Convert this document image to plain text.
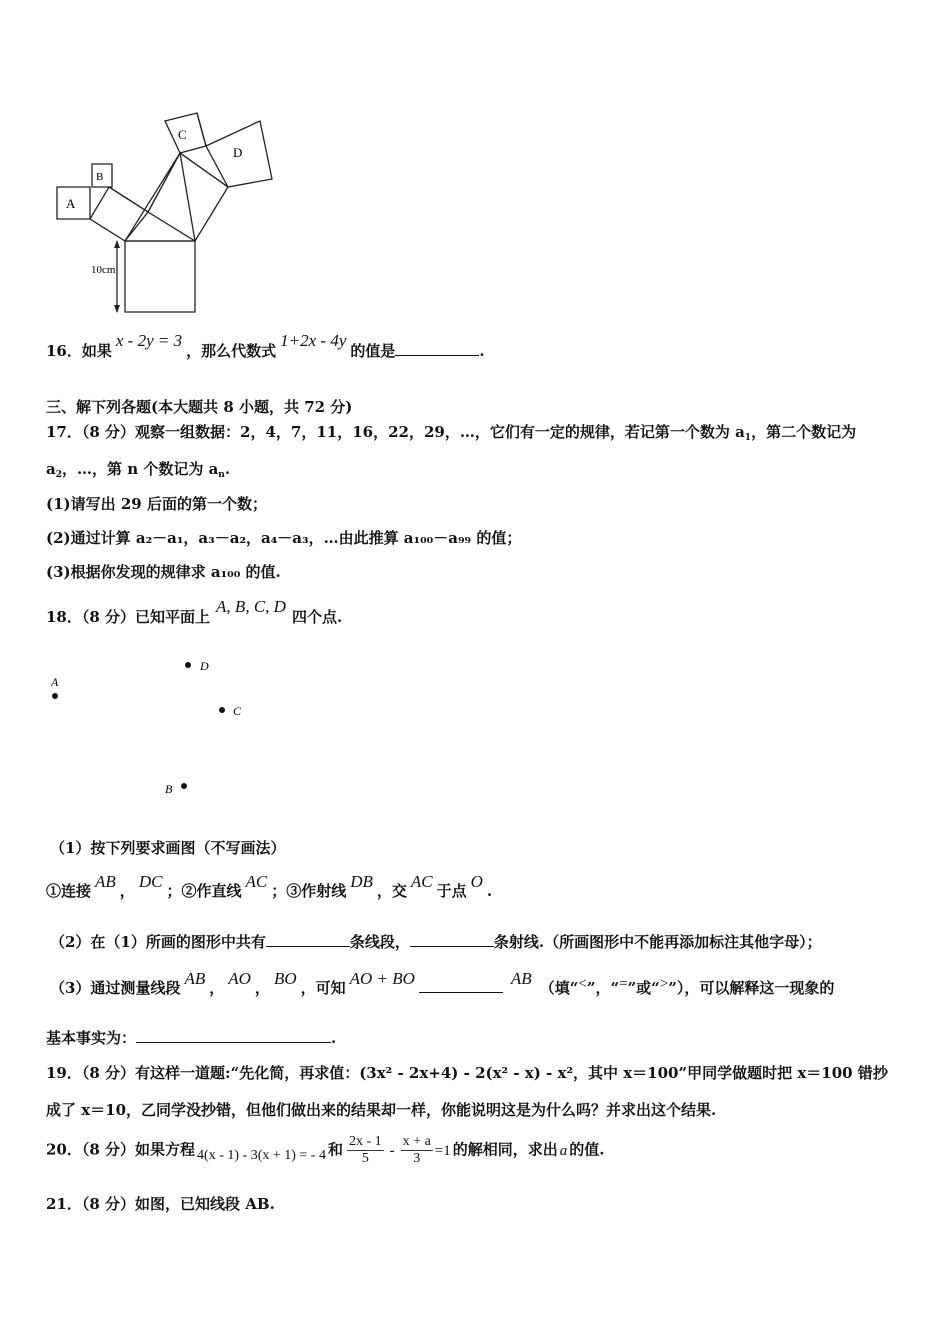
A
B
C
D
10cm
16．如果x - 2y = 3，那么代数式1+2x - 4y的值是	.
三、解下列各题(本大题共 8 小题，共 72 分)
17．（8 分）观察一组数据：2，4，7，11，16，22，29，…，它们有一定的规律，若记第一个数为 $a_1$，第二个数记为
$a_2$，…，第 n 个数记为 $a_n$.
(1)请写出 29 后面的第一个数；
(2)通过计算 a₂－a₁，a₃－a₂，a₄－a₃，…由此推算 a₁₀₀－a₉₉ 的值；
(3)根据你发现的规律求 a₁₀₀ 的值.
18．（8 分）已知平面上A, B, C, D四个点.
A
D
C
B
（1）按下列要求画图（不写画法）
①连接 AB ， DC ；②作直线 AC ；③作射线 DB ，交 AC 于点 O .
（2）在（1）所画的图形中共有	条线段，	条射线.（所画图形中不能再添加标注其他字母）；
（3）通过测量线段 AB ， AO ， BO ，可知 AO + BO	AB （填“<”，“=”或“>”），可以解释这一现象的
基本事实为：	.
19．（8 分）有这样一道题:“先化简，再求值：(3x² - 2x+4) - 2(x² - x) - x²，其中 x＝100”甲同学做题时把 x＝100 错抄
成了 x＝10，乙同学没抄错，但他们做出来的结果却一样，你能说明这是为什么吗？并求出这个结果.
20．（8 分）如果方程 4(x - 1) - 3(x + 1) = - 4 和 $\frac{2x - 1}{5} - \frac{x + a}{3} =1$ 的解相同，求出 a 的值.
21．（8 分）如图，已知线段 AB.
